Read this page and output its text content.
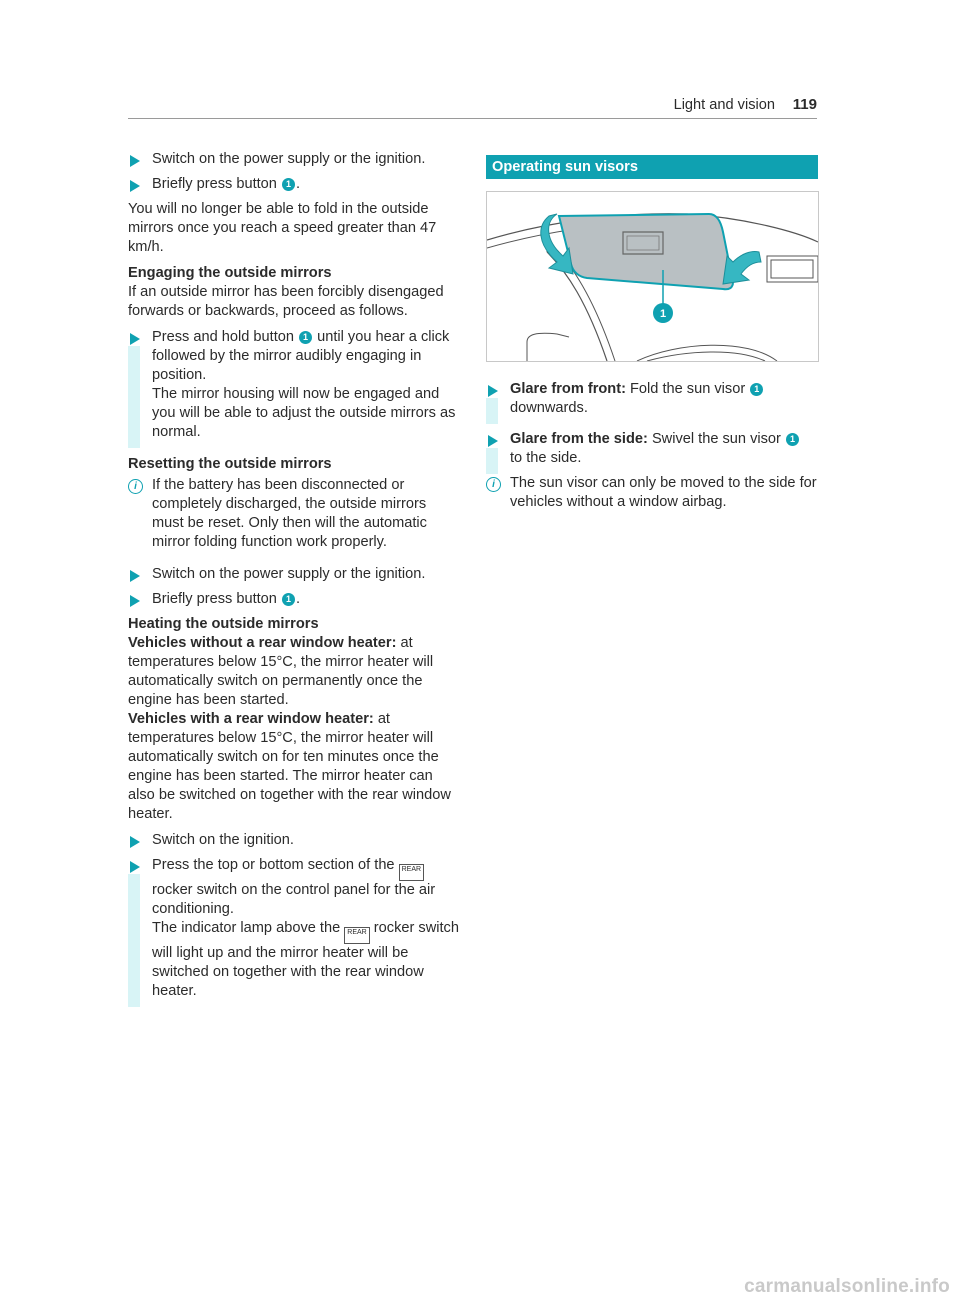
Light and vision 119
Switch on the power supply or the ignition.
Briefly press button 1 .

You will no longer be able to fold in the outside mirrors once you reach a speed greater than 47 km/h.

Engaging the outside mirrors

If an outside mirror has been forcibly disengaged forwards or backwards, proceed as follows.

Press and hold button 1 until you hear a click followed by the mirror audibly engaging in position.
The mirror housing will now be engaged and you will be able to adjust the outside mirrors as normal.

Resetting the outside mirrors

i	If the battery has been disconnected or completely discharged, the outside mirrors must be reset. Only then will the automatic mirror folding function work properly.
Switch on the power supply or the ignition.
Briefly press button 1 .

Heating the outside mirrors

Vehicles without a rear window heater: at temperatures below 15°C, the mirror heater will automatically switch on permanently once the engine has been started.

Vehicles with a rear window heater: at temperatures below 15°C, the mirror heater will automatically switch on for ten minutes once the engine has been started. The mirror heater can also be switched on together with the rear window heater.

Switch on the ignition.
Press the top or bottom section of the REAR rocker switch on the control panel for the air conditioning.
The indicator lamp above the REAR rocker switch will light up and the mirror heater will be switched on together with the rear window heater.
Operating sun visors
1
Glare from front: Fold the sun visor 1
downwards.
Glare from the side: Swivel the sun visor 1
to the side.
i	The sun visor can only be moved to the side for vehicles without a window airbag.
carmanualsonline.info
